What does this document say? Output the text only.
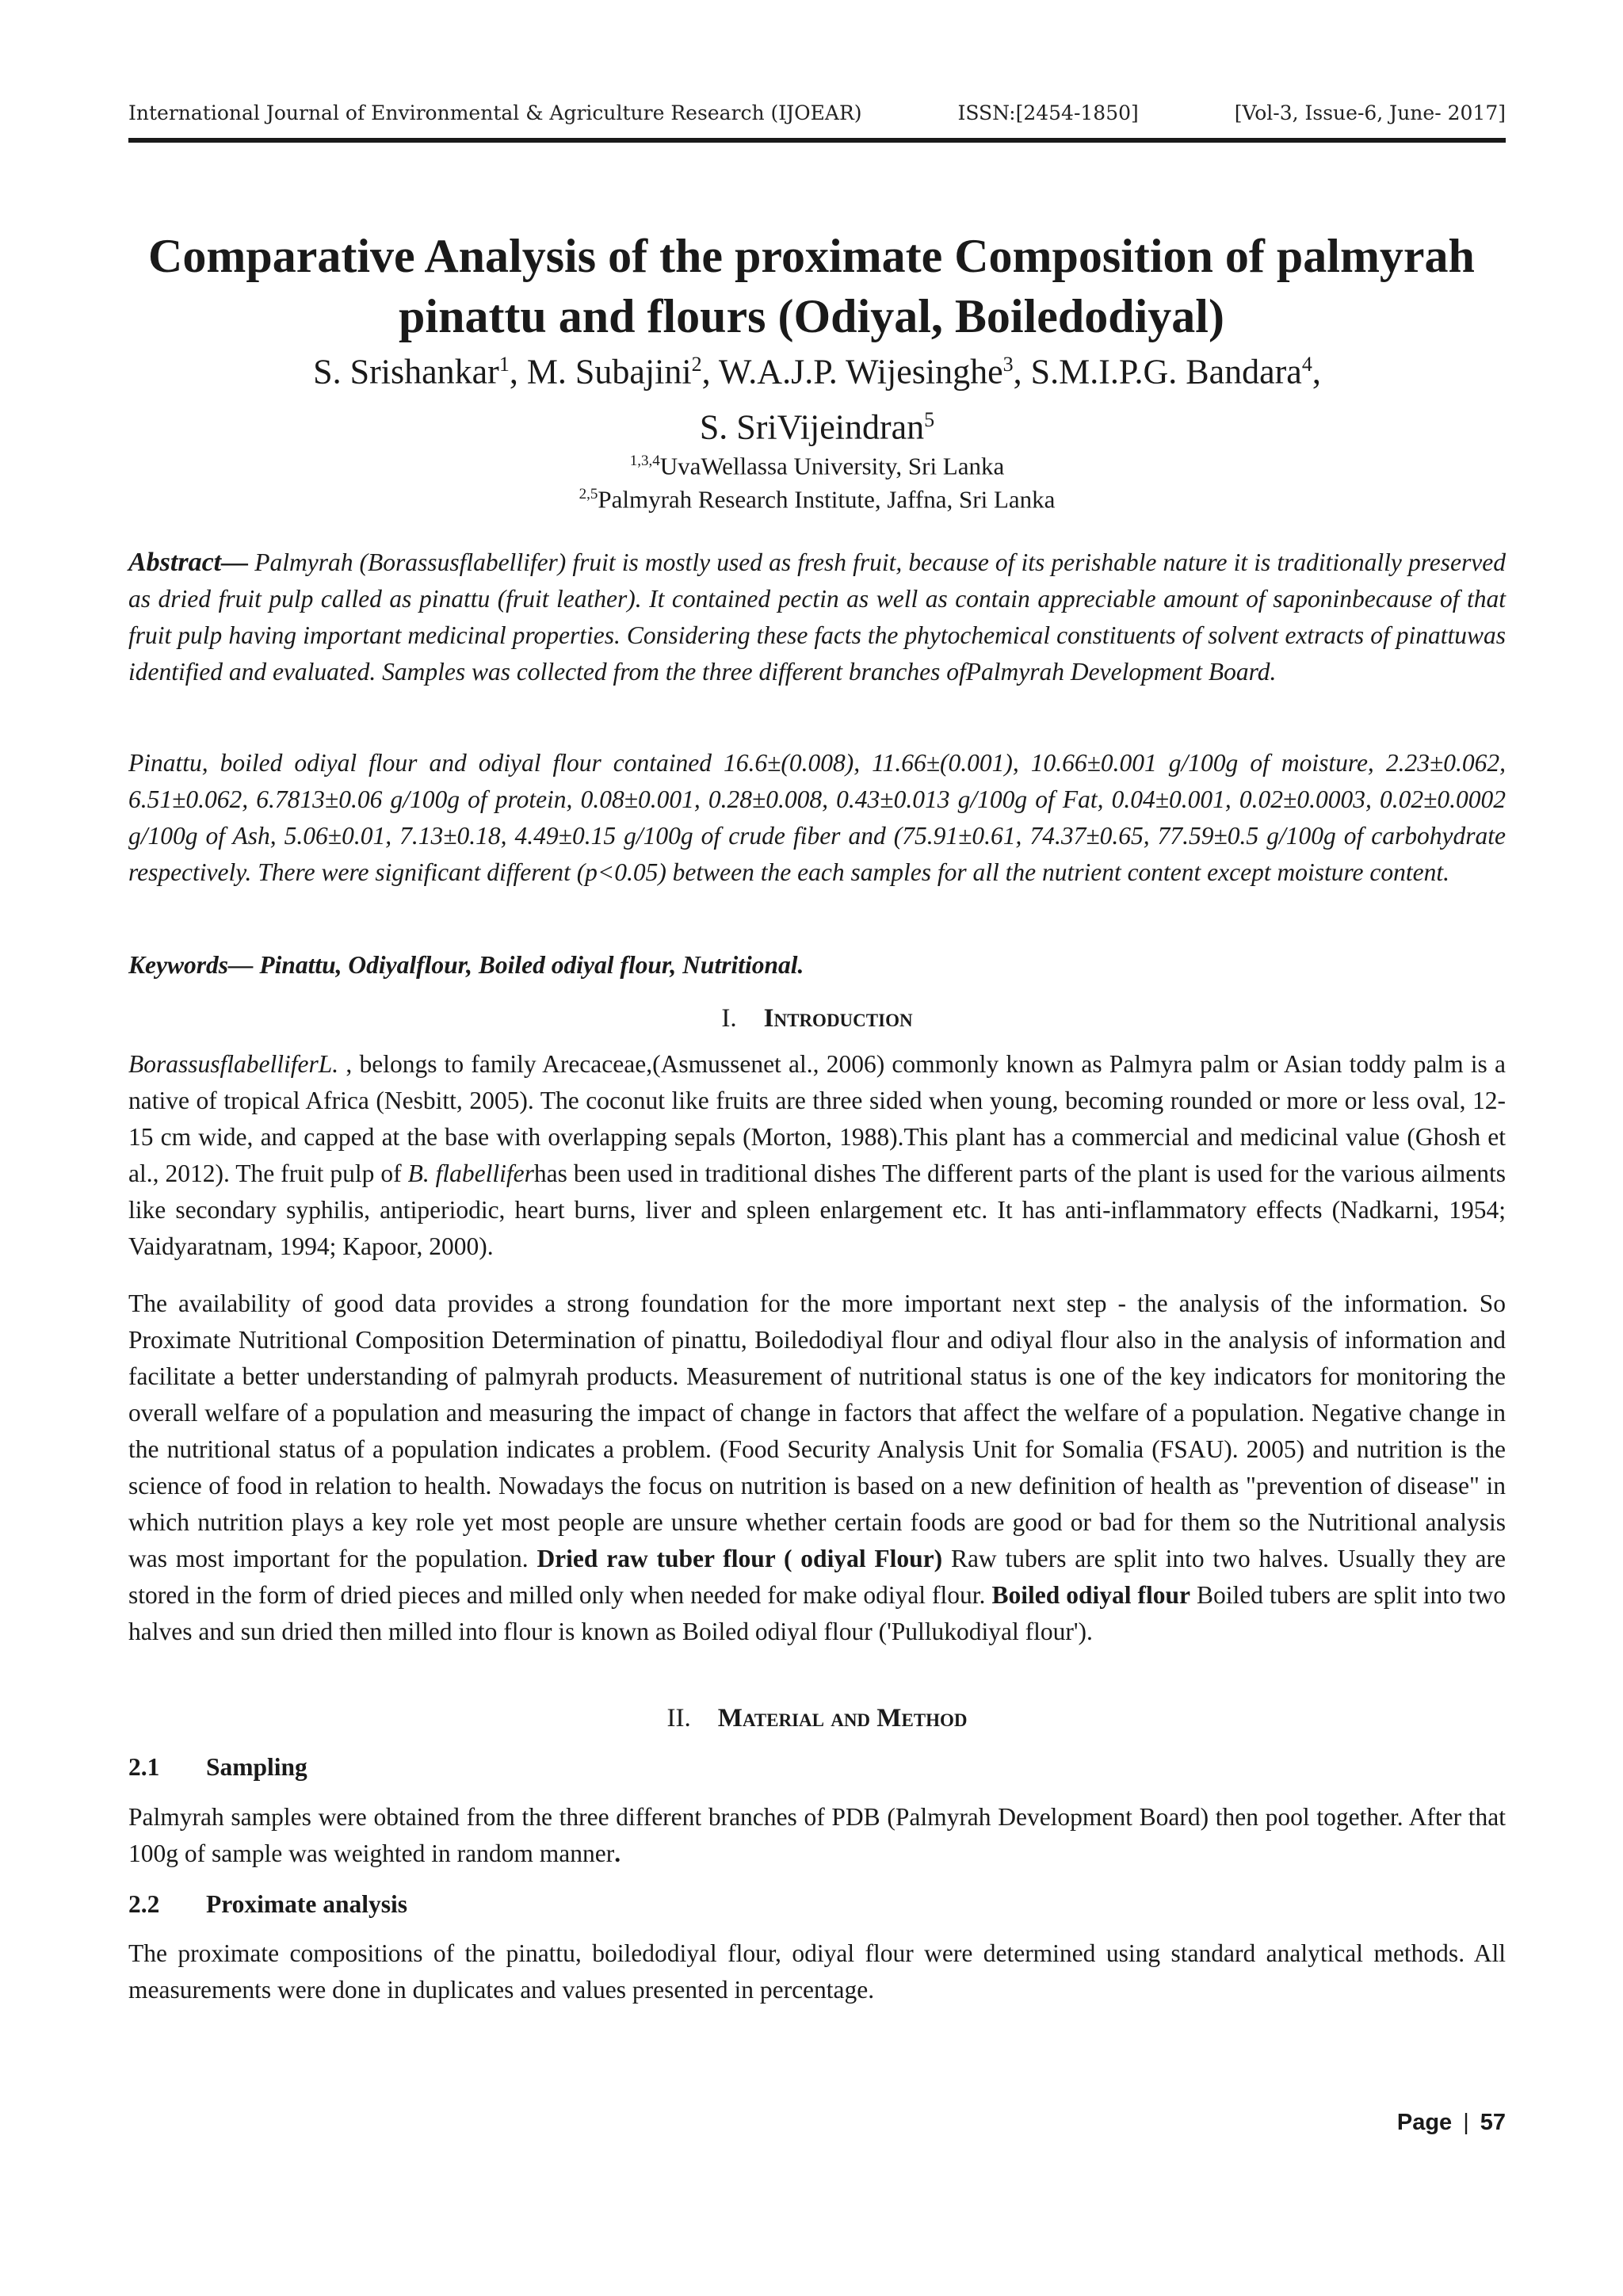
International Journal of Environmental & Agriculture Research (IJOEAR)	ISSN:[2454-1850]	[Vol-3, Issue-6, June- 2017]
Comparative Analysis of the proximate Composition of palmyrah
pinattu and flours (Odiyal, Boiledodiyal)
S. Srishankar$^1$, M. Subajini$^2$, W.A.J.P. Wijesinghe$^3$, S.M.I.P.G. Bandara$^4$,
S. SriVijeindran$^5$
$^{1,3,4}$UvaWellassa University, Sri Lanka
$^{2,5}$Palmyrah Research Institute, Jaffna, Sri Lanka

Abstract— Palmyrah (Borassusflabellifer) fruit is mostly used as fresh fruit, because of its perishable nature it is traditionally preserved as dried fruit pulp called as pinattu (fruit leather). It contained pectin as well as contain appreciable amount of saponinbecause of that fruit pulp having important medicinal properties. Considering these facts the phytochemical constituents of solvent extracts of pinattuwas identified and evaluated. Samples was collected from the three different branches ofPalmyrah Development Board.

Pinattu, boiled odiyal flour and odiyal flour contained 16.6±(0.008), 11.66±(0.001), 10.66±0.001 g/100g of moisture, 2.23±0.062, 6.51±0.062, 6.7813±0.06 g/100g of protein, 0.08±0.001, 0.28±0.008, 0.43±0.013 g/100g of Fat, 0.04±0.001, 0.02±0.0003, 0.02±0.0002 g/100g of Ash, 5.06±0.01, 7.13±0.18, 4.49±0.15 g/100g of crude fiber and (75.91±0.61, 74.37±0.65, 77.59±0.5 g/100g of carbohydrate respectively. There were significant different (p<0.05) between the each samples for all the nutrient content except moisture content.

Keywords— Pinattu, Odiyalflour, Boiled odiyal flour, Nutritional.

I. Introduction

BorassusflabelliferL. , belongs to family Arecaceae,(Asmussenet al., 2006) commonly known as Palmyra palm or Asian toddy palm is a native of tropical Africa (Nesbitt, 2005). The coconut like fruits are three sided when young, becoming rounded or more or less oval, 12-15 cm wide, and capped at the base with overlapping sepals (Morton, 1988).This plant has a commercial and medicinal value (Ghosh et al., 2012). The fruit pulp of B. flabelliferhas been used in traditional dishes The different parts of the plant is used for the various ailments like secondary syphilis, antiperiodic, heart burns, liver and spleen enlargement etc. It has anti-inflammatory effects (Nadkarni, 1954; Vaidyaratnam, 1994; Kapoor, 2000).

The availability of good data provides a strong foundation for the more important next step - the analysis of the information. So Proximate Nutritional Composition Determination of pinattu, Boiledodiyal flour and odiyal flour also in the analysis of information and facilitate a better understanding of palmyrah products. Measurement of nutritional status is one of the key indicators for monitoring the overall welfare of a population and measuring the impact of change in factors that affect the welfare of a population. Negative change in the nutritional status of a population indicates a problem. (Food Security Analysis Unit for Somalia (FSAU). 2005) and nutrition is the science of food in relation to health. Nowadays the focus on nutrition is based on a new definition of health as "prevention of disease" in which nutrition plays a key role yet most people are unsure whether certain foods are good or bad for them so the Nutritional analysis was most important for the population. Dried raw tuber flour ( odiyal Flour) Raw tubers are split into two halves. Usually they are stored in the form of dried pieces and milled only when needed for make odiyal flour. Boiled odiyal flour Boiled tubers are split into two halves and sun dried then milled into flour is known as Boiled odiyal flour ('Pullukodiyal flour').

II. Material and Method
2.1 Sampling

Palmyrah samples were obtained from the three different branches of PDB (Palmyrah Development Board) then pool together. After that 100g of sample was weighted in random manner.

2.2 Proximate analysis

The proximate compositions of the pinattu, boiledodiyal flour, odiyal flour were determined using standard analytical methods. All measurements were done in duplicates and values presented in percentage.

Page | 57
